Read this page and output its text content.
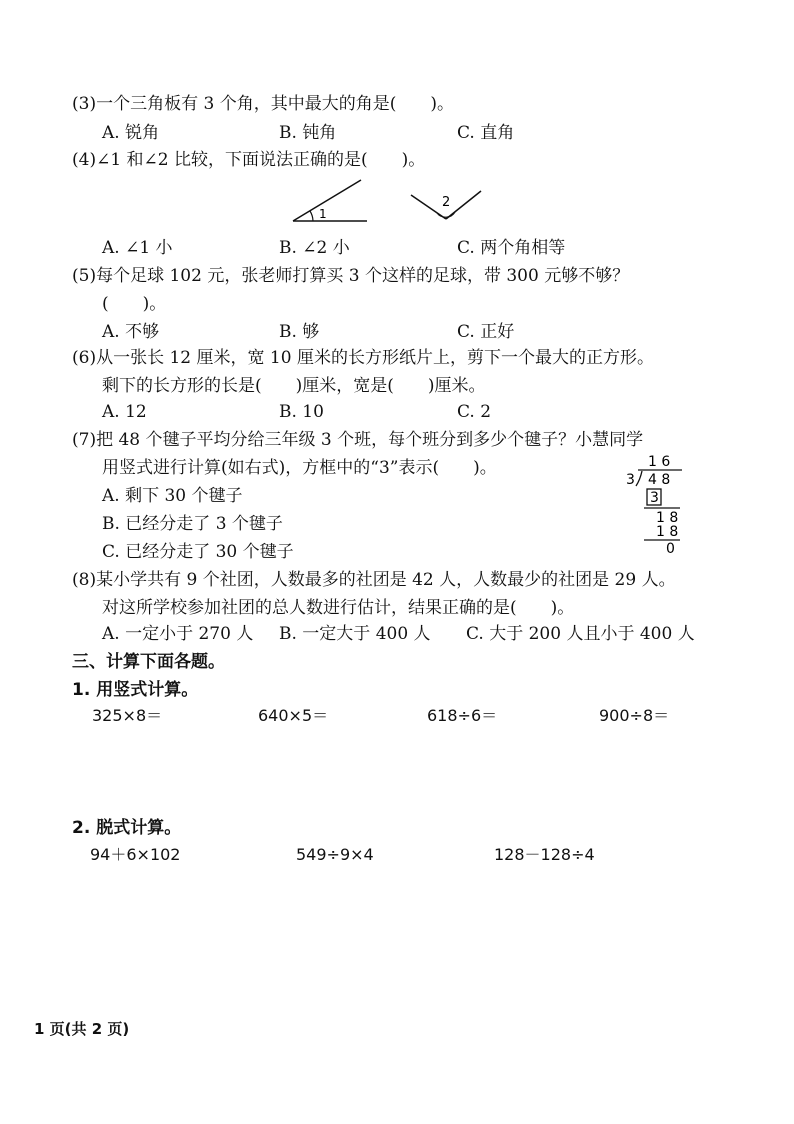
(3)一个三角板有 3 个角，其中最大的角是(　　)。
A. 锐角	B. 钝角	C. 直角
(4)∠1 和∠2 比较，下面说法正确的是(　　)。
1
2
A. ∠1 小	B. ∠2 小	C. 两个角相等
(5)每个足球 102 元，张老师打算买 3 个这样的足球，带 300 元够不够？
(　　)。
A. 不够	B. 够	C. 正好
(6)从一张长 12 厘米，宽 10 厘米的长方形纸片上，剪下一个最大的正方形。
剩下的长方形的长是(　　)厘米，宽是(　　)厘米。
A. 12	B. 10	C. 2
(7)把 48 个毽子平均分给三年级 3 个班，每个班分到多少个毽子？小慧同学
用竖式进行计算(如右式)，方框中的“3”表示(　　)。
A. 剩下 30 个毽子
B. 已经分走了 3 个毽子
C. 已经分走了 30 个毽子
1 6
3 4 8
3
1 8
1 8
0
(8)某小学共有 9 个社团，人数最多的社团是 42 人，人数最少的社团是 29 人。
对这所学校参加社团的总人数进行估计，结果正确的是(　　)。
A. 一定小于 270 人 B. 一定大于 400 人 C. 大于 200 人且小于 400 人
三、计算下面各题。
1. 用竖式计算。
325×8＝	640×5＝	618÷6＝	900÷8＝
2. 脱式计算。
94＋6×102	549÷9×4	128－128÷4
1 页(共 2 页)
